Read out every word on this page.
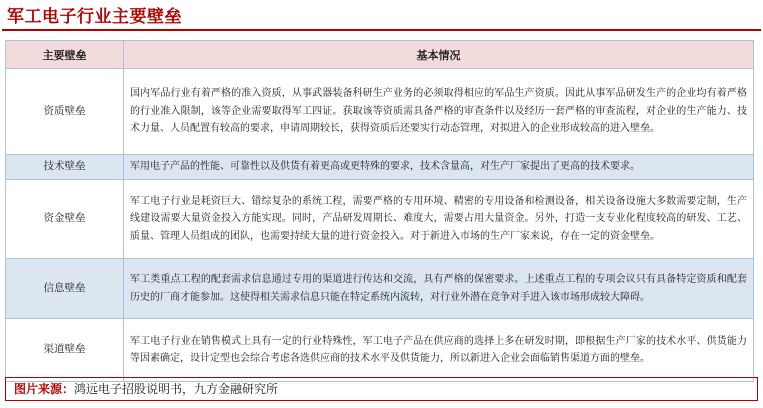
军工电子行业主要壁垒
主要壁垒	基本情况
资质壁垒	国内军品行业有着严格的准入资质，从事武器装备科研生产业务的必须取得相应的军品生产资质。因此从事军品研发生产的企业均有着严格的行业准入限制，该等企业需要取得军工四证。获取该等资质需具备严格的审查条件以及经历一套严格的审查流程，对企业的生产能力、技术力量、人员配置有较高的要求，申请周期较长，获得资质后还要实行动态管理，对拟进入的企业形成较高的进入壁垒。
技术壁垒	军用电子产品的性能、可靠性以及供货有着更高或更特殊的要求，技术含量高，对生产厂家提出了更高的技术要求。
资金壁垒	军工电子行业是耗资巨大、错综复杂的系统工程，需要严格的专用环境、精密的专用设备和检测设备，相关设备设施大多数需要定制，生产线建设需要大量资金投入方能实现。同时，产品研发周期长、难度大，需要占用大量资金。另外，打造一支专业化程度较高的研发、工艺、质量、管理人员组成的团队，也需要持续大量的进行资金投入。对于新进入市场的生产厂家来说，存在一定的资金壁垒。
信息壁垒	军工类重点工程的配套需求信息通过专用的渠道进行传达和交流，具有严格的保密要求。上述重点工程的专项会议只有具备特定资质和配套历史的厂商才能参加。这使得相关需求信息只能在特定系统内流转，对行业外潜在竞争对手进入该市场形成较大障碍。
渠道壁垒	军工电子行业在销售模式上具有一定的行业特殊性，军工电子产品在供应商的选择上多在研发时期，即根据生产厂家的技术水平、供货能力等因素确定，设计定型也会综合考虑各选供应商的技术水平及供货能力，所以新进入企业会面临销售渠道方面的壁垒。
图片来源：鸿远电子招股说明书，九方金融研究所
